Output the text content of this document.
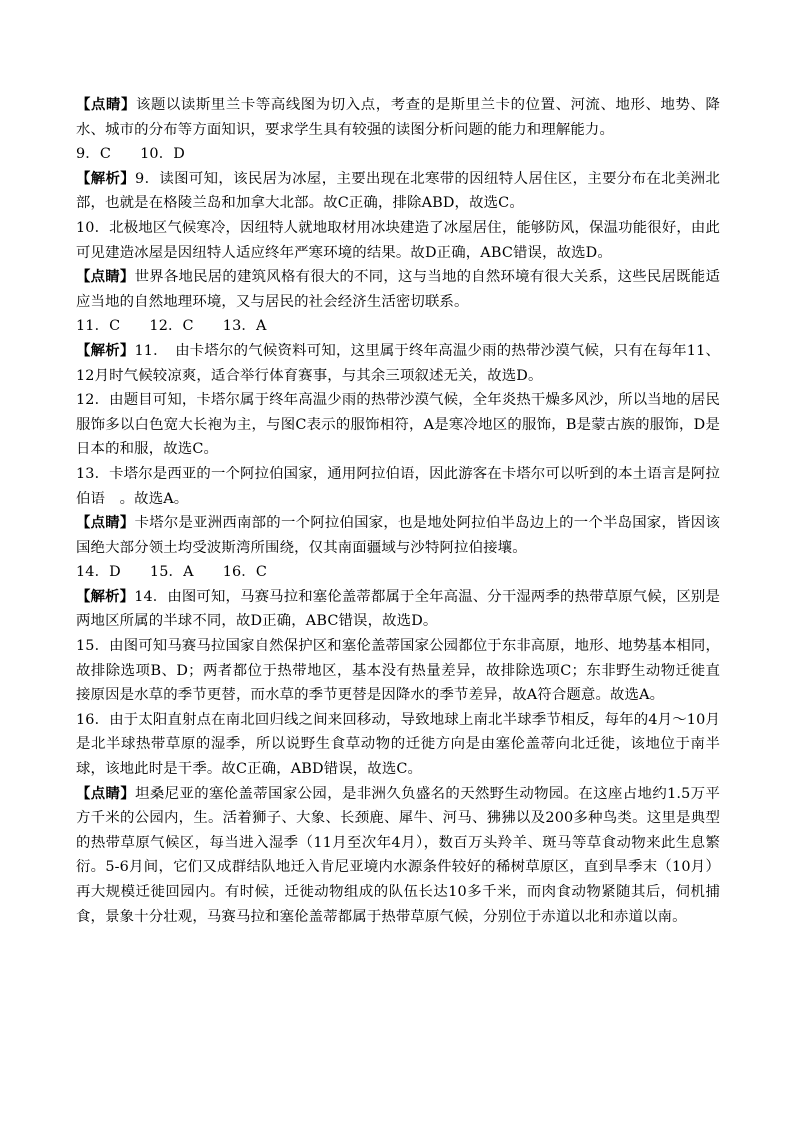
【点睛】该题以读斯里兰卡等高线图为切入点，考查的是斯里兰卡的位置、河流、地形、地势、降水、城市的分布等方面知识，要求学生具有较强的读图分析问题的能力和理解能力。

9．C　　10．D

【解析】9．读图可知，该民居为冰屋，主要出现在北寒带的因纽特人居住区，主要分布在北美洲北部，也就是在格陵兰岛和加拿大北部。故C正确，排除ABD，故选C。

10．北极地区气候寒冷，因纽特人就地取材用冰块建造了冰屋居住，能够防风，保温功能很好，由此可见建造冰屋是因纽特人适应终年严寒环境的结果。故D正确，ABC错误，故选D。

【点睛】世界各地民居的建筑风格有很大的不同，这与当地的自然环境有很大关系，这些民居既能适应当地的自然地理环境，又与居民的社会经济生活密切联系。

11．C　　12．C　　13．A

【解析】11．　由卡塔尔的气候资料可知，这里属于终年高温少雨的热带沙漠气候，只有在每年11、12月时气候较凉爽，适合举行体育赛事，与其余三项叙述无关，故选D。

12．由题目可知，卡塔尔属于终年高温少雨的热带沙漠气候，全年炎热干燥多风沙，所以当地的居民服饰多以白色宽大长袍为主，与图C表示的服饰相符，A是寒冷地区的服饰，B是蒙古族的服饰，D是日本的和服，故选C。

13．卡塔尔是西亚的一个阿拉伯国家，通用阿拉伯语，因此游客在卡塔尔可以听到的本土语言是阿拉伯语　。故选A。

【点睛】卡塔尔是亚洲西南部的一个阿拉伯国家，也是地处阿拉伯半岛边上的一个半岛国家，皆因该国绝大部分领土均受波斯湾所围绕，仅其南面疆域与沙特阿拉伯接壤。

14．D　　15．A　　16．C

【解析】14．由图可知，马赛马拉和塞伦盖蒂都属于全年高温、分干湿两季的热带草原气候，区别是两地区所属的半球不同，故D正确，ABC错误，故选D。

15．由图可知马赛马拉国家自然保护区和塞伦盖蒂国家公园都位于东非高原，地形、地势基本相同，故排除选项B、D；两者都位于热带地区，基本没有热量差异，故排除选项C；东非野生动物迁徙直接原因是水草的季节更替，而水草的季节更替是因降水的季节差异，故A符合题意。故选A。

16．由于太阳直射点在南北回归线之间来回移动，导致地球上南北半球季节相反，每年的4月～10月是北半球热带草原的湿季，所以说野生食草动物的迁徙方向是由塞伦盖蒂向北迁徙，该地位于南半球，该地此时是干季。故C正确，ABD错误，故选C。

【点睛】坦桑尼亚的塞伦盖蒂国家公园，是非洲久负盛名的天然野生动物园。在这座占地约1.5万平方千米的公园内，生。活着狮子、大象、长颈鹿、犀牛、河马、狒狒以及200多种鸟类。这里是典型的热带草原气候区，每当进入湿季（11月至次年4月），数百万头羚羊、斑马等草食动物来此生息繁衍。5-6月间，它们又成群结队地迁入肯尼亚境内水源条件较好的稀树草原区，直到旱季末（10月）再大规模迁徙回园内。有时候，迁徙动物组成的队伍长达10多千米，而肉食动物紧随其后，伺机捕食，景象十分壮观，马赛马拉和塞伦盖蒂都属于热带草原气候，分别位于赤道以北和赤道以南。
